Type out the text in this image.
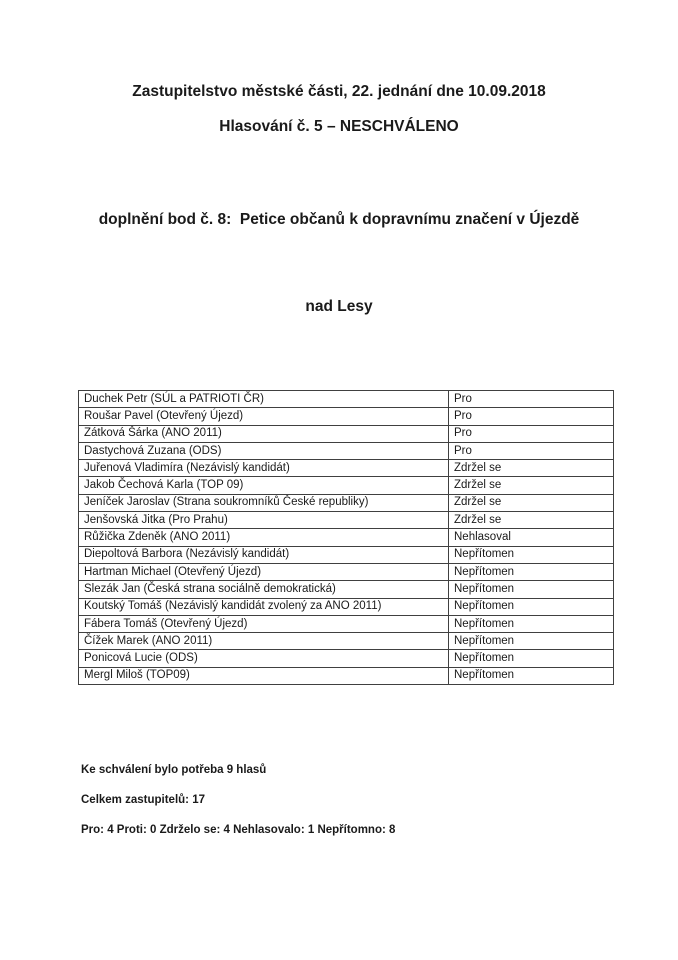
Zastupitelstvo městské části, 22. jednání dne 10.09.2018

Hlasování č. 5 – NESCHVÁLENO

doplnění bod č. 8:  Petice občanů k dopravnímu značení v Újezdě

nad Lesy

Duchek Petr (SÚL a PATRIOTI ČR)	Pro
Roušar Pavel (Otevřený Újezd)	Pro
Zátková Šárka (ANO 2011)	Pro
Dastychová Zuzana (ODS)	Pro
Juřenová Vladimíra (Nezávislý kandidát)	Zdržel se
Jakob Čechová Karla (TOP 09)	Zdržel se
Jeníček Jaroslav (Strana soukromníků České republiky)	Zdržel se
Jenšovská Jitka (Pro Prahu)	Zdržel se
Růžička Zdeněk (ANO 2011)	Nehlasoval
Diepoltová Barbora (Nezávislý kandidát)	Nepřítomen
Hartman Michael (Otevřený Újezd)	Nepřítomen
Slezák Jan (Česká strana sociálně demokratická)	Nepřítomen
Koutský Tomáš (Nezávislý kandidát zvolený za ANO 2011)	Nepřítomen
Fábera Tomáš (Otevřený Újezd)	Nepřítomen
Čížek Marek (ANO 2011)	Nepřítomen
Ponicová Lucie (ODS)	Nepřítomen
Mergl Miloš (TOP09)	Nepřítomen

Ke schválení bylo potřeba 9 hlasů

Celkem zastupitelů: 17

Pro: 4 Proti: 0 Zdrželo se: 4 Nehlasovalo: 1 Nepřítomno: 8
